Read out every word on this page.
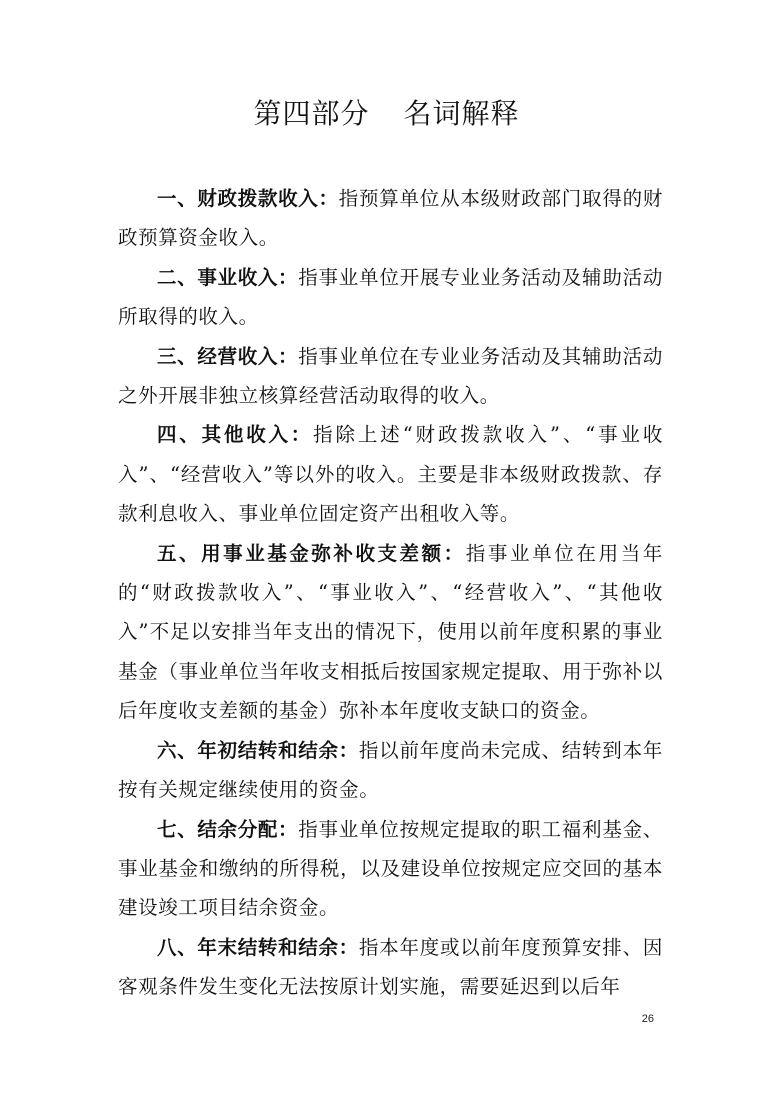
第四部分 名词解释

一、财政拨款收入：指预算单位从本级财政部门取得的财政预算资金收入。

二、事业收入：指事业单位开展专业业务活动及辅助活动所取得的收入。

三、经营收入：指事业单位在专业业务活动及其辅助活动之外开展非独立核算经营活动取得的收入。

四、其他收入：指除上述“财政拨款收入”、“事业收入”、“经营收入”等以外的收入。主要是非本级财政拨款、存款利息收入、事业单位固定资产出租收入等。

五、用事业基金弥补收支差额：指事业单位在用当年的“财政拨款收入”、“事业收入”、“经营收入”、“其他收入”不足以安排当年支出的情况下，使用以前年度积累的事业基金（事业单位当年收支相抵后按国家规定提取、用于弥补以后年度收支差额的基金）弥补本年度收支缺口的资金。

六、年初结转和结余：指以前年度尚未完成、结转到本年按有关规定继续使用的资金。

七、结余分配：指事业单位按规定提取的职工福利基金、事业基金和缴纳的所得税，以及建设单位按规定应交回的基本建设竣工项目结余资金。

八、年末结转和结余：指本年度或以前年度预算安排、因客观条件发生变化无法按原计划实施，需要延迟到以后年

26
